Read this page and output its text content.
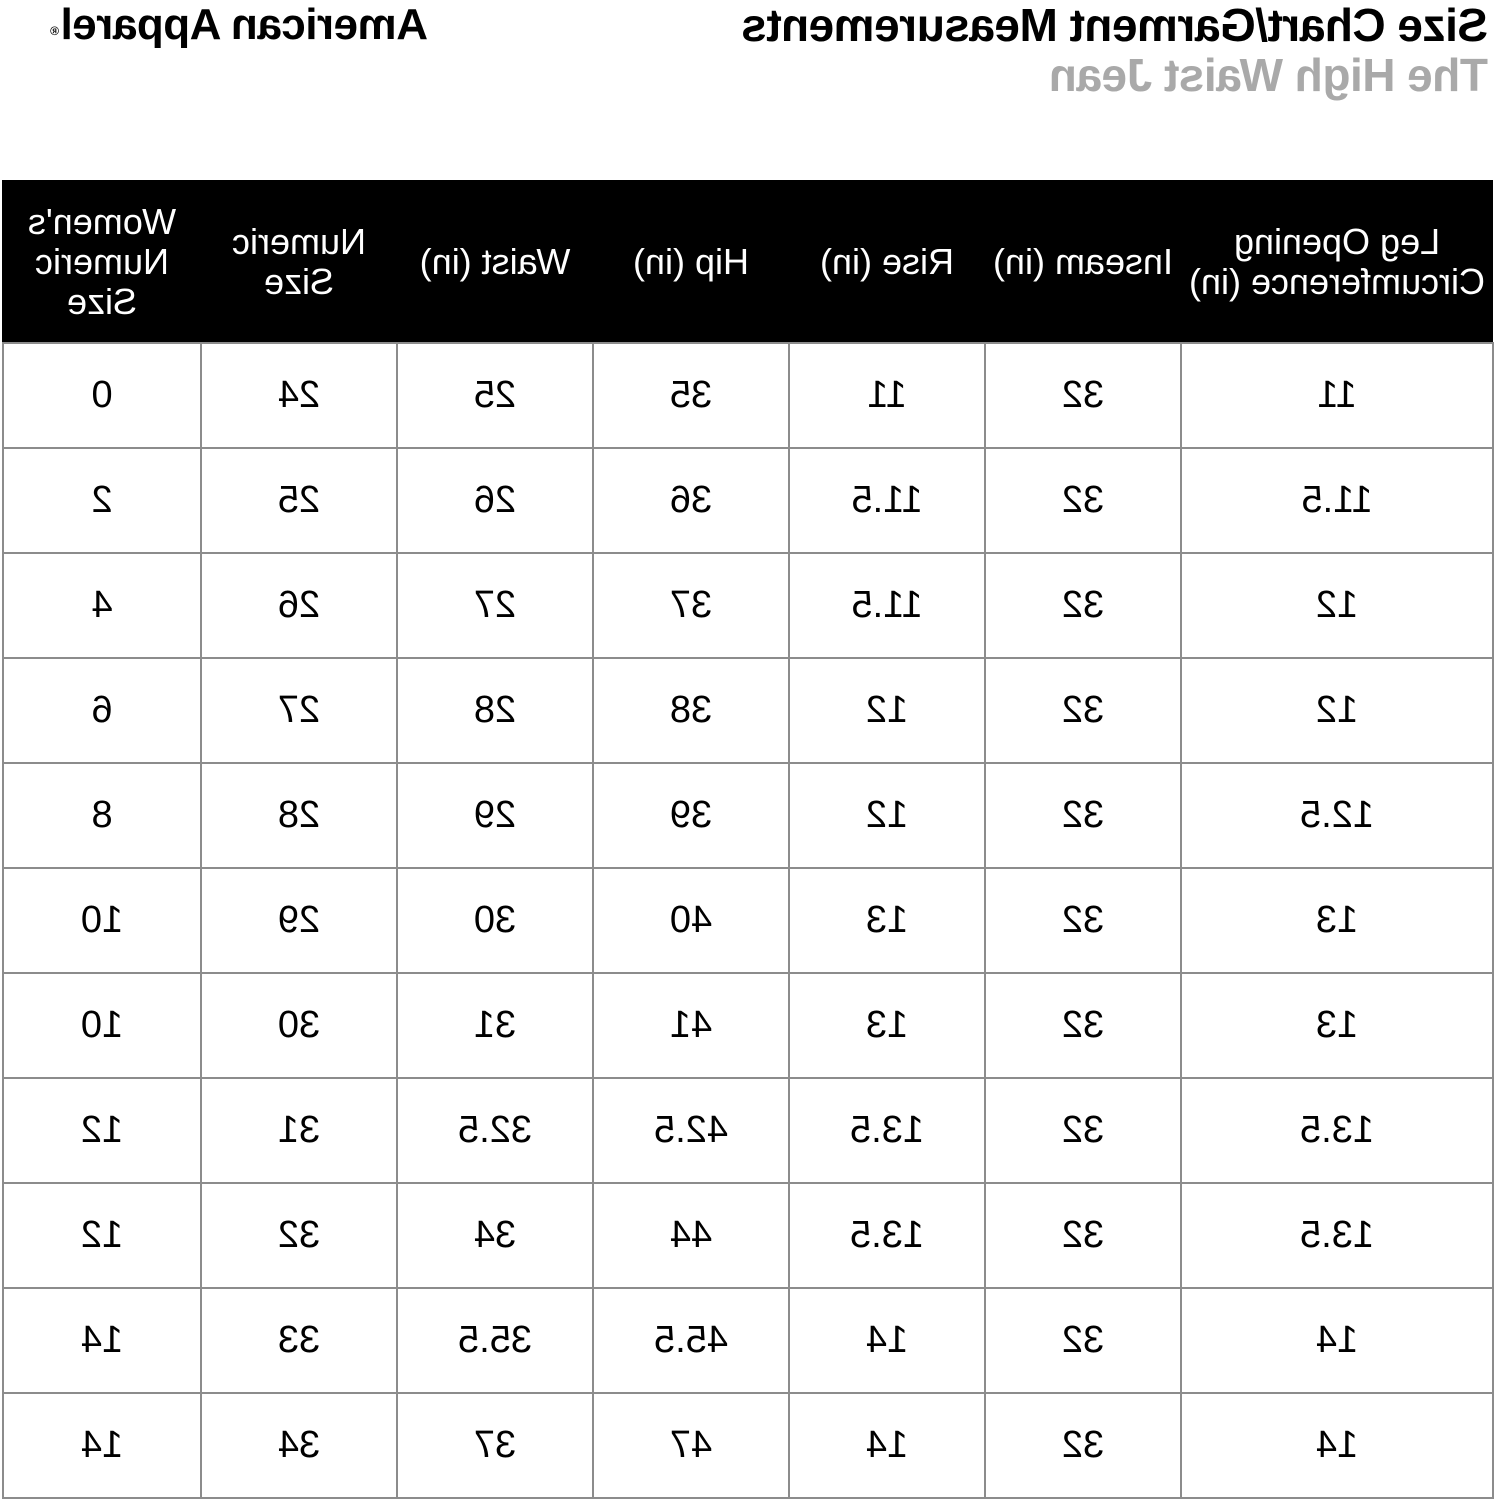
American Apparel®	Size Chart/Garment Measurements
The High Waist Jean
Leg Opening Circumference (in)	Inseam (in)	Rise (in)	Hip (in)	Waist (in)	Numeric Size	Women's Numeric Size
11	32	11	35	25	24	0
11.5	32	11.5	36	26	25	2
12	32	11.5	37	27	26	4
12	32	12	38	28	27	6
12.5	32	12	39	29	28	8
13	32	13	40	30	29	10
13	32	13	41	31	30	10
13.5	32	13.5	42.5	32.5	31	12
13.5	32	13.5	44	34	32	12
14	32	14	45.5	35.5	33	14
14	32	14	47	37	34	14
